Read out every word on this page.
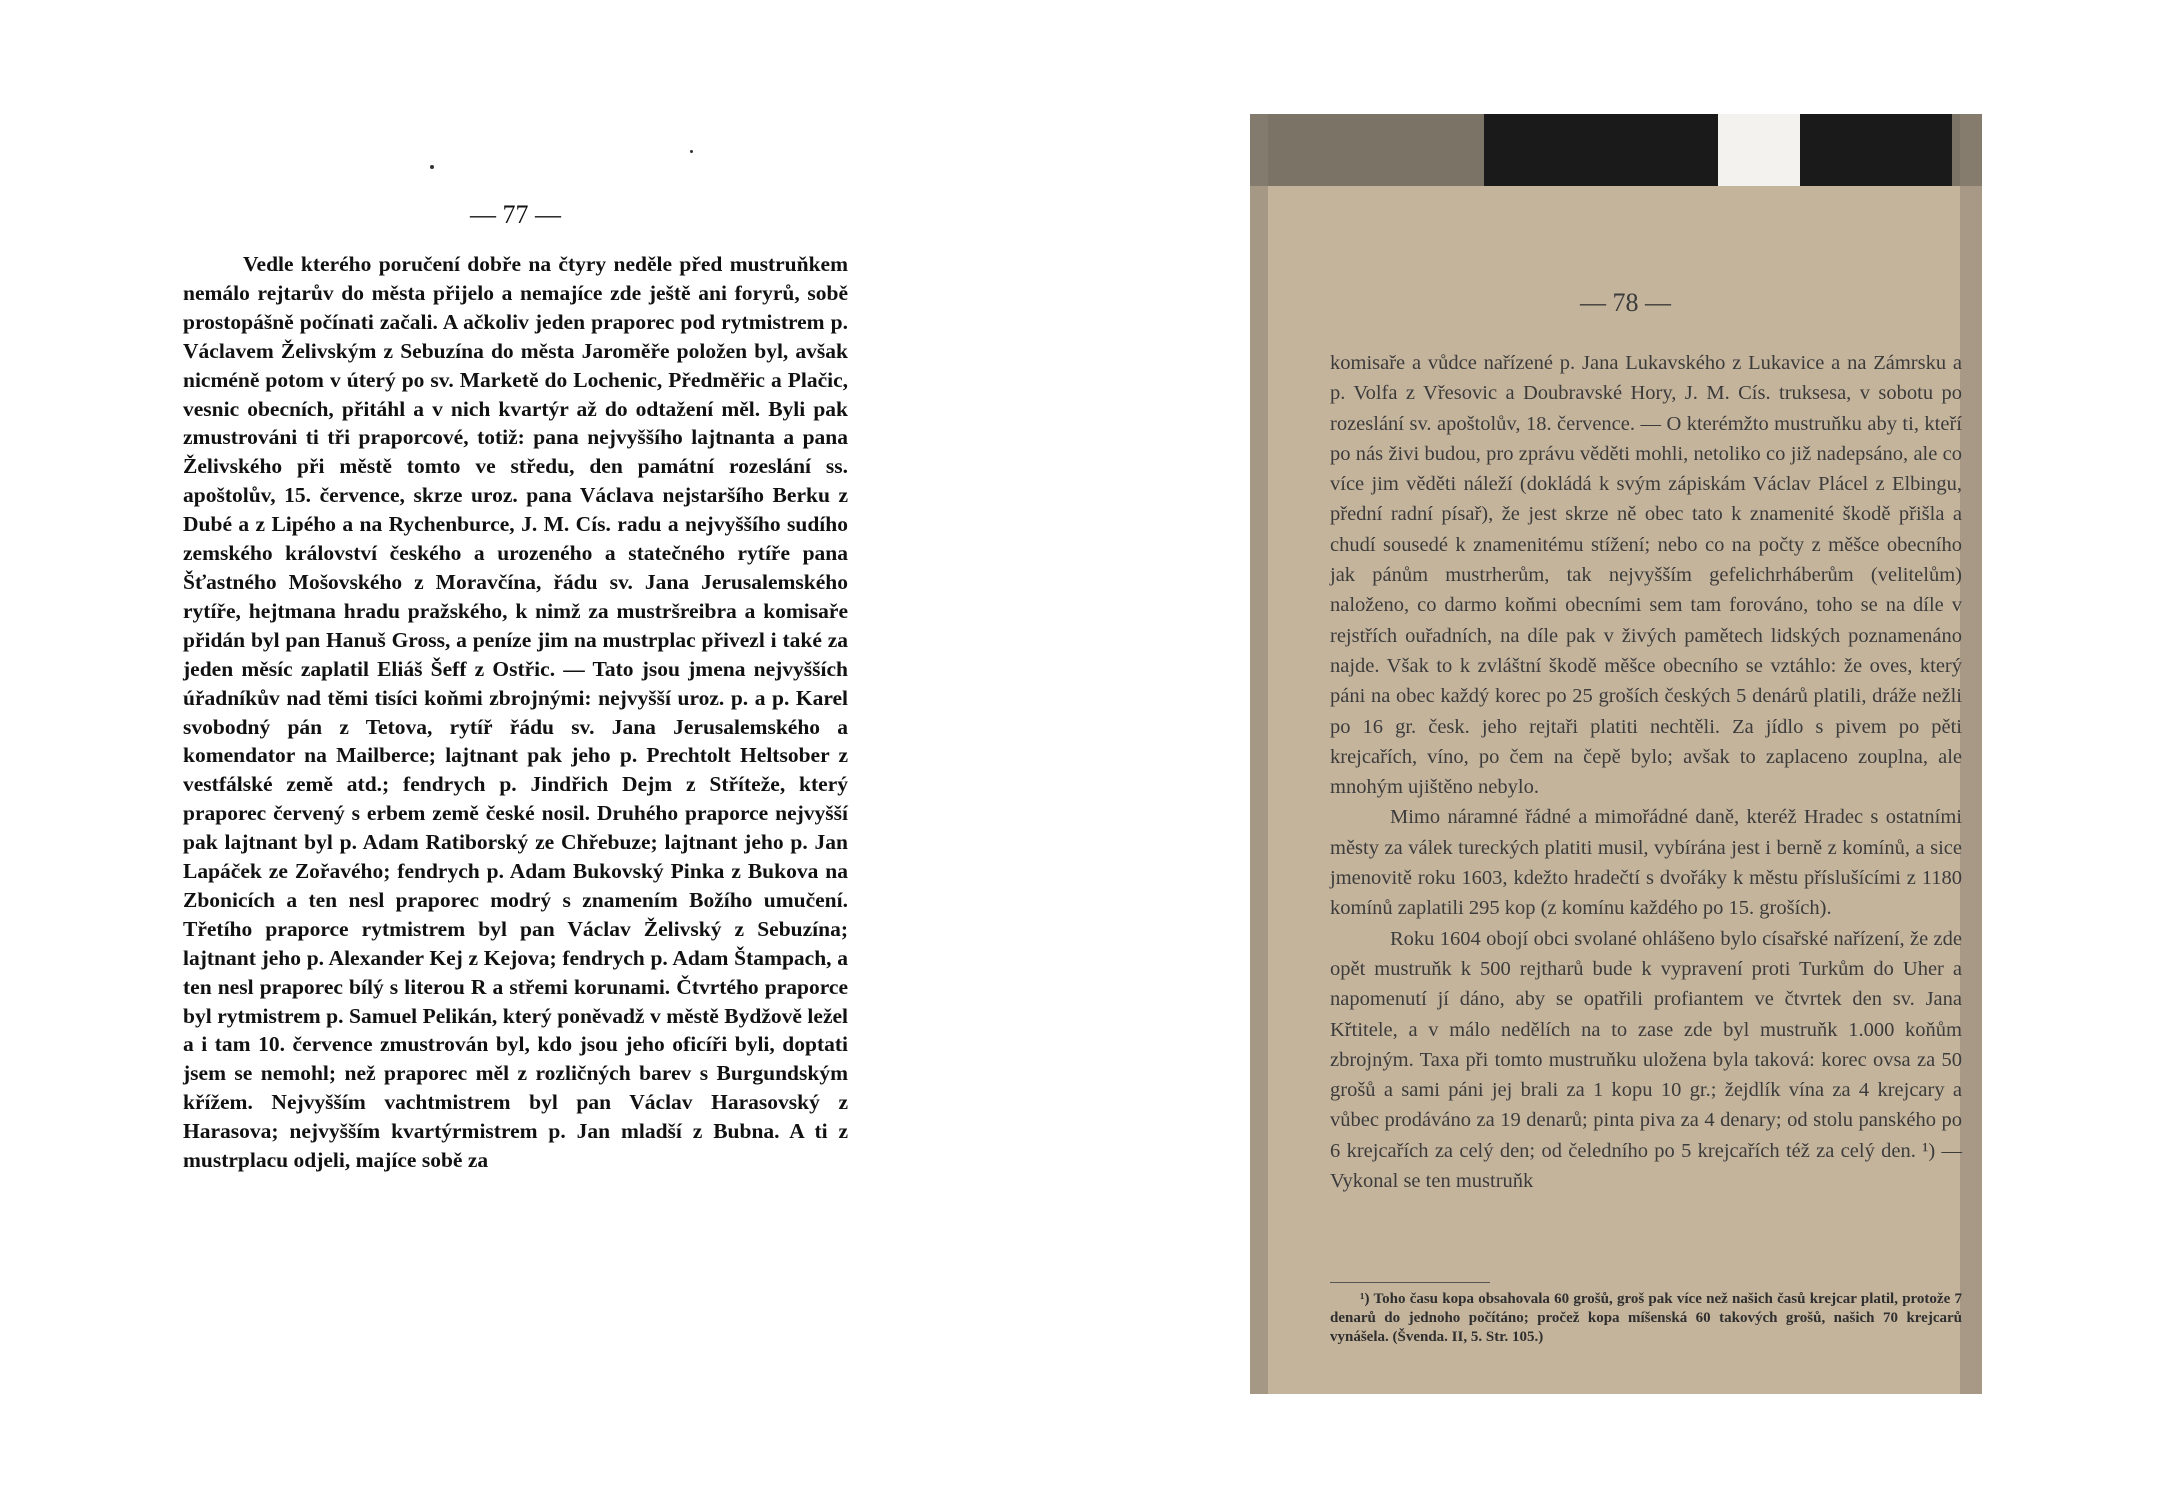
— 77 —

Vedle kterého poručení dobře na čtyry neděle před mustruňkem nemálo rejtarův do města přijelo a nemajíce zde ještě ani foryrů, sobě prostopášně počínati začali. A ačkoliv jeden praporec pod rytmistrem p. Václavem Želivským z Sebuzína do města Jaroměře položen byl, avšak nicméně potom v úterý po sv. Marketě do Lochenic, Předměřic a Plačic, vesnic obecních, přitáhl a v nich kvartýr až do odtažení měl. Byli pak zmustrováni ti tři praporcové, totiž: pana nejvyššího lajtnanta a pana Želivského při městě tomto ve středu, den památní rozeslání ss. apoštolův, 15. července, skrze uroz. pana Václava nejstaršího Berku z Dubé a z Lipého a na Rychenburce, J. M. Cís. radu a nejvyššího sudího zemského království českého a urozeného a statečného rytíře pana Šťastného Mošovského z Moravčína, řádu sv. Jana Jerusalemského rytíře, hejtmana hradu pražského, k nimž za mustršreibra a komisaře přidán byl pan Hanuš Gross, a peníze jim na mustrplac přivezl i také za jeden měsíc zaplatil Eliáš Šeff z Ostřic. — Tato jsou jmena nejvyšších úřadníkův nad těmi tisíci koňmi zbrojnými: nejvyšší uroz. p. a p. Karel svobodný pán z Tetova, rytíř řádu sv. Jana Jerusalemského a komendator na Mailberce; lajtnant pak jeho p. Prechtolt Heltsober z vestfálské země atd.; fendrych p. Jindřich Dejm z Stříteže, který praporec červený s erbem země české nosil. Druhého praporce nejvyšší pak lajtnant byl p. Adam Ratiborský ze Chřebuze; lajtnant jeho p. Jan Lapáček ze Zořavého; fendrych p. Adam Bukovský Pinka z Bukova na Zbonicích a ten nesl praporec modrý s znamením Božího umučení. Třetího praporce rytmistrem byl pan Václav Želivský z Sebuzína; lajtnant jeho p. Alexander Kej z Kejova; fendrych p. Adam Štampach, a ten nesl praporec bílý s literou R a střemi korunami. Čtvrtého praporce byl rytmistrem p. Samuel Pelikán, který poněvadž v městě Bydžově ležel a i tam 10. července zmustrován byl, kdo jsou jeho oficíři byli, doptati jsem se nemohl; než praporec měl z rozličných barev s Burgundským křížem. Nejvyšším vachtmistrem byl pan Václav Harasovský z Harasova; nejvyšším kvartýrmistrem p. Jan mladší z Bubna. A ti z mustrplacu odjeli, majíce sobě za

— 78 —

komisaře a vůdce nařízené p. Jana Lukavského z Lukavice a na Zámrsku a p. Volfa z Vřesovic a Doubravské Hory, J. M. Cís. truksesa, v sobotu po rozeslání sv. apoštolův, 18. července. — O kterémžto mustruňku aby ti, kteří po nás živi budou, pro zprávu věděti mohli, netoliko co již nadepsáno, ale co více jim věděti náleží (dokládá k svým zápiskám Václav Plácel z Elbingu, přední radní písař), že jest skrze ně obec tato k znamenité škodě přišla a chudí sousedé k znamenitému stížení; nebo co na počty z měšce obecního jak pánům mustrherům, tak nejvyšším gefelichrháberům (velitelům) naloženo, co darmo koňmi obecními sem tam forováno, toho se na díle v rejstřích ouřadních, na díle pak v živých pamětech lidských poznamenáno najde. Však to k zvláštní škodě měšce obecního se vztáhlo: že oves, který páni na obec každý korec po 25 groších českých 5 denárů platili, dráže nežli po 16 gr. česk. jeho rejtaři platiti nechtěli. Za jídlo s pivem po pěti krejcařích, víno, po čem na čepě bylo; avšak to zaplaceno zouplna, ale mnohým ujištěno nebylo.

Mimo náramné řádné a mimořádné daně, kteréž Hradec s ostatními městy za válek tureckých platiti musil, vybírána jest i berně z komínů, a sice jmenovitě roku 1603, kdežto hradečtí s dvořáky k městu příslušícími z 1180 komínů zaplatili 295 kop (z komínu každého po 15. groších).

Roku 1604 obojí obci svolané ohlášeno bylo císařské nařízení, že zde opět mustruňk k 500 rejtharů bude k vypravení proti Turkům do Uher a napomenutí jí dáno, aby se opatřili profiantem ve čtvrtek den sv. Jana Křtitele, a v málo nedělích na to zase zde byl mustruňk 1.000 koňům zbrojným. Taxa při tomto mustruňku uložena byla taková: korec ovsa za 50 grošů a sami páni jej brali za 1 kopu 10 gr.; žejdlík vína za 4 krejcary a vůbec prodáváno za 19 denarů; pinta piva za 4 denary; od stolu panského po 6 krejcařích za celý den; od čeledního po 5 krejcařích též za celý den. ¹) — Vykonal se ten mustruňk

¹) Toho času kopa obsahovala 60 grošů, groš pak více než našich časů krejcar platil, protože 7 denarů do jednoho počítáno; pročež kopa míšenská 60 takových grošů, našich 70 krejcarů vynášela. (Švenda. II, 5. Str. 105.)
